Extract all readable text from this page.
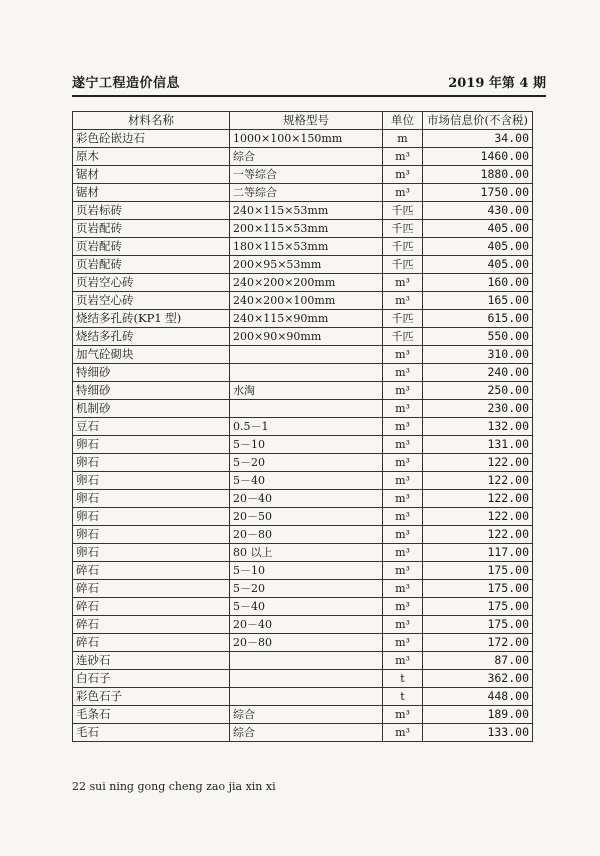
遂宁工程造价信息	2019 年第 4 期
材料名称	规格型号	单位	市场信息价(不含税)
彩色砼嵌边石	1000×100×150mm	m	34.00
原木	综合	m³	1460.00
锯材	一等综合	m³	1880.00
锯材	二等综合	m³	1750.00
页岩标砖	240×115×53mm	千匹	430.00
页岩配砖	200×115×53mm	千匹	405.00
页岩配砖	180×115×53mm	千匹	405.00
页岩配砖	200×95×53mm	千匹	405.00
页岩空心砖	240×200×200mm	m³	160.00
页岩空心砖	240×200×100mm	m³	165.00
烧结多孔砖(KP1 型)	240×115×90mm	千匹	615.00
烧结多孔砖	200×90×90mm	千匹	550.00
加气砼砌块		m³	310.00
特细砂		m³	240.00
特细砂	水淘	m³	250.00
机制砂		m³	230.00
豆石	0.5－1	m³	132.00
卵石	5－10	m³	131.00
卵石	5－20	m³	122.00
卵石	5－40	m³	122.00
卵石	20－40	m³	122.00
卵石	20－50	m³	122.00
卵石	20－80	m³	122.00
卵石	80 以上	m³	117.00
碎石	5－10	m³	175.00
碎石	5－20	m³	175.00
碎石	5－40	m³	175.00
碎石	20－40	m³	175.00
碎石	20－80	m³	172.00
连砂石		m³	87.00
白石子		t	362.00
彩色石子		t	448.00
毛条石	综合	m³	189.00
毛石	综合	m³	133.00
22 sui ning gong cheng zao jia xin xi
